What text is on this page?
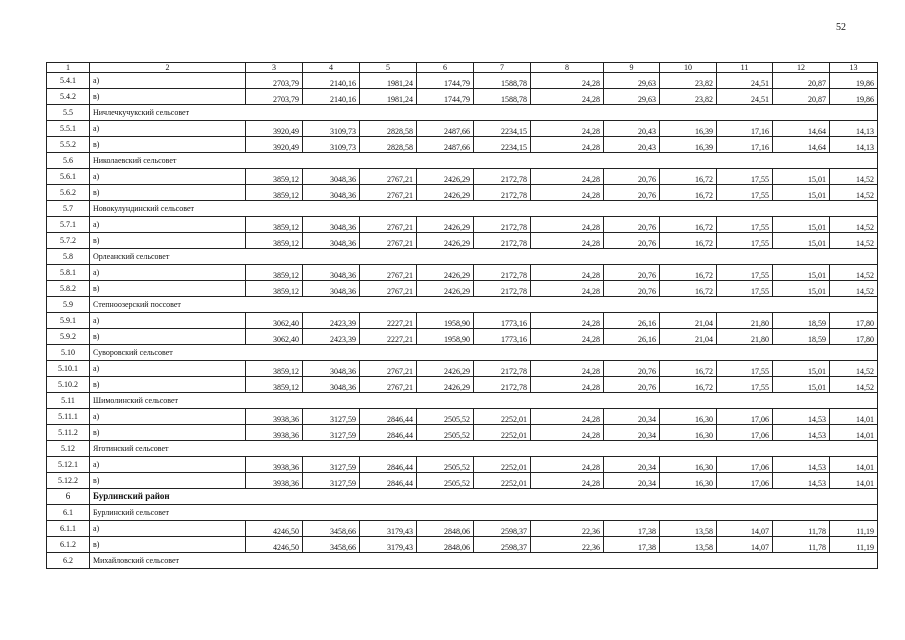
52
1	2	3	4	5	6	7	8	9	10	11	12	13
5.4.1	а)	2703,79	2140,16	1981,24	1744,79	1588,78	24,28	29,63	23,82	24,51	20,87	19,86
5.4.2	в)	2703,79	2140,16	1981,24	1744,79	1588,78	24,28	29,63	23,82	24,51	20,87	19,86
5.5	Ничлечкучукский сельсовет											
5.5.1	а)	3920,49	3109,73	2828,58	2487,66	2234,15	24,28	20,43	16,39	17,16	14,64	14,13
5.5.2	в)	3920,49	3109,73	2828,58	2487,66	2234,15	24,28	20,43	16,39	17,16	14,64	14,13
5.6	Николаевский сельсовет											
5.6.1	а)	3859,12	3048,36	2767,21	2426,29	2172,78	24,28	20,76	16,72	17,55	15,01	14,52
5.6.2	в)	3859,12	3048,36	2767,21	2426,29	2172,78	24,28	20,76	16,72	17,55	15,01	14,52
5.7	Новокулундинский сельсовет											
5.7.1	а)	3859,12	3048,36	2767,21	2426,29	2172,78	24,28	20,76	16,72	17,55	15,01	14,52
5.7.2	в)	3859,12	3048,36	2767,21	2426,29	2172,78	24,28	20,76	16,72	17,55	15,01	14,52
5.8	Орлеанский сельсовет											
5.8.1	а)	3859,12	3048,36	2767,21	2426,29	2172,78	24,28	20,76	16,72	17,55	15,01	14,52
5.8.2	в)	3859,12	3048,36	2767,21	2426,29	2172,78	24,28	20,76	16,72	17,55	15,01	14,52
5.9	Степноозерский поссовет											
5.9.1	а)	3062,40	2423,39	2227,21	1958,90	1773,16	24,28	26,16	21,04	21,80	18,59	17,80
5.9.2	в)	3062,40	2423,39	2227,21	1958,90	1773,16	24,28	26,16	21,04	21,80	18,59	17,80
5.10	Суворовский сельсовет											
5.10.1	а)	3859,12	3048,36	2767,21	2426,29	2172,78	24,28	20,76	16,72	17,55	15,01	14,52
5.10.2	в)	3859,12	3048,36	2767,21	2426,29	2172,78	24,28	20,76	16,72	17,55	15,01	14,52
5.11	Шимолинский сельсовет											
5.11.1	а)	3938,36	3127,59	2846,44	2505,52	2252,01	24,28	20,34	16,30	17,06	14,53	14,01
5.11.2	в)	3938,36	3127,59	2846,44	2505,52	2252,01	24,28	20,34	16,30	17,06	14,53	14,01
5.12	Яготинский сельсовет											
5.12.1	а)	3938,36	3127,59	2846,44	2505,52	2252,01	24,28	20,34	16,30	17,06	14,53	14,01
5.12.2	в)	3938,36	3127,59	2846,44	2505,52	2252,01	24,28	20,34	16,30	17,06	14,53	14,01
6	Бурлинский район											
6.1	Бурлинский сельсовет											
6.1.1	а)	4246,50	3458,66	3179,43	2848,06	2598,37	22,36	17,38	13,58	14,07	11,78	11,19
6.1.2	в)	4246,50	3458,66	3179,43	2848,06	2598,37	22,36	17,38	13,58	14,07	11,78	11,19
6.2	Михайловский сельсовет											
